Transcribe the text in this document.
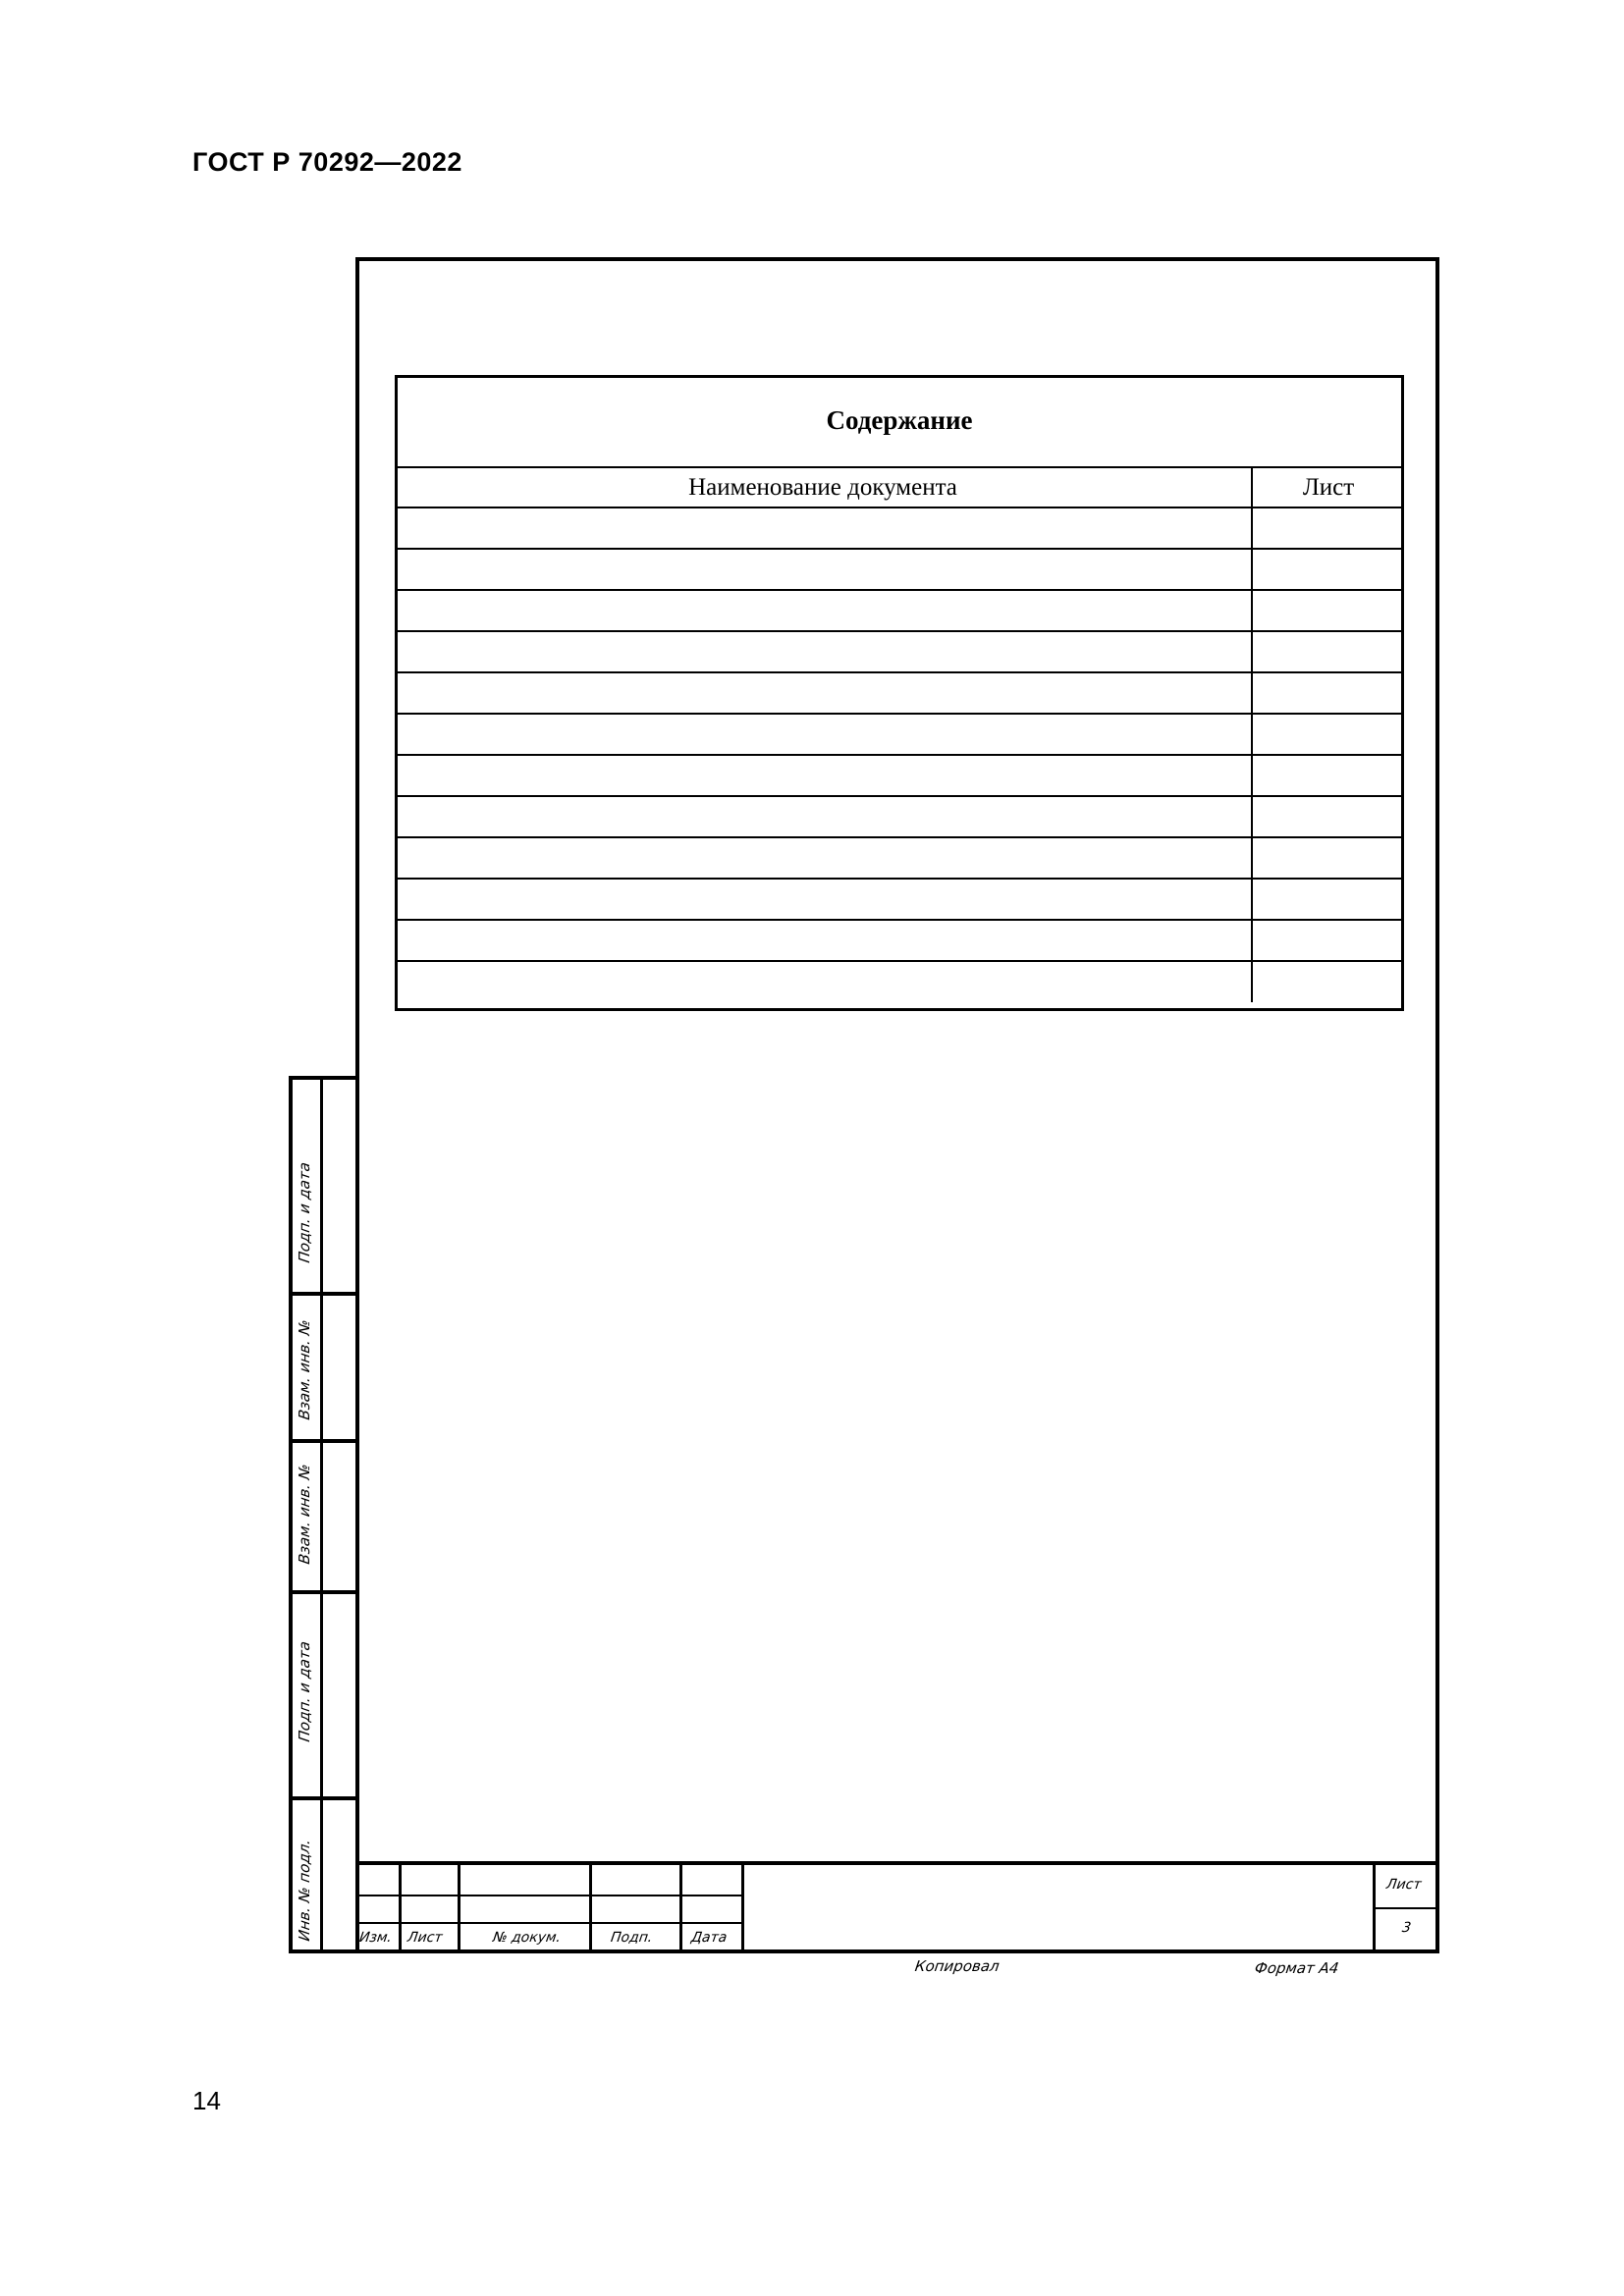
ГОСТ Р 70292—2022
Содержание
Наименование документа	Лист

Подп. и дата
Взам. инв. №
Взам. инв. №
Подп. и дата
Инв. № подл.	Изм. Лист	№ докум.	Подп.	Дата
Лист
3
Копировал	Формат А4
14
